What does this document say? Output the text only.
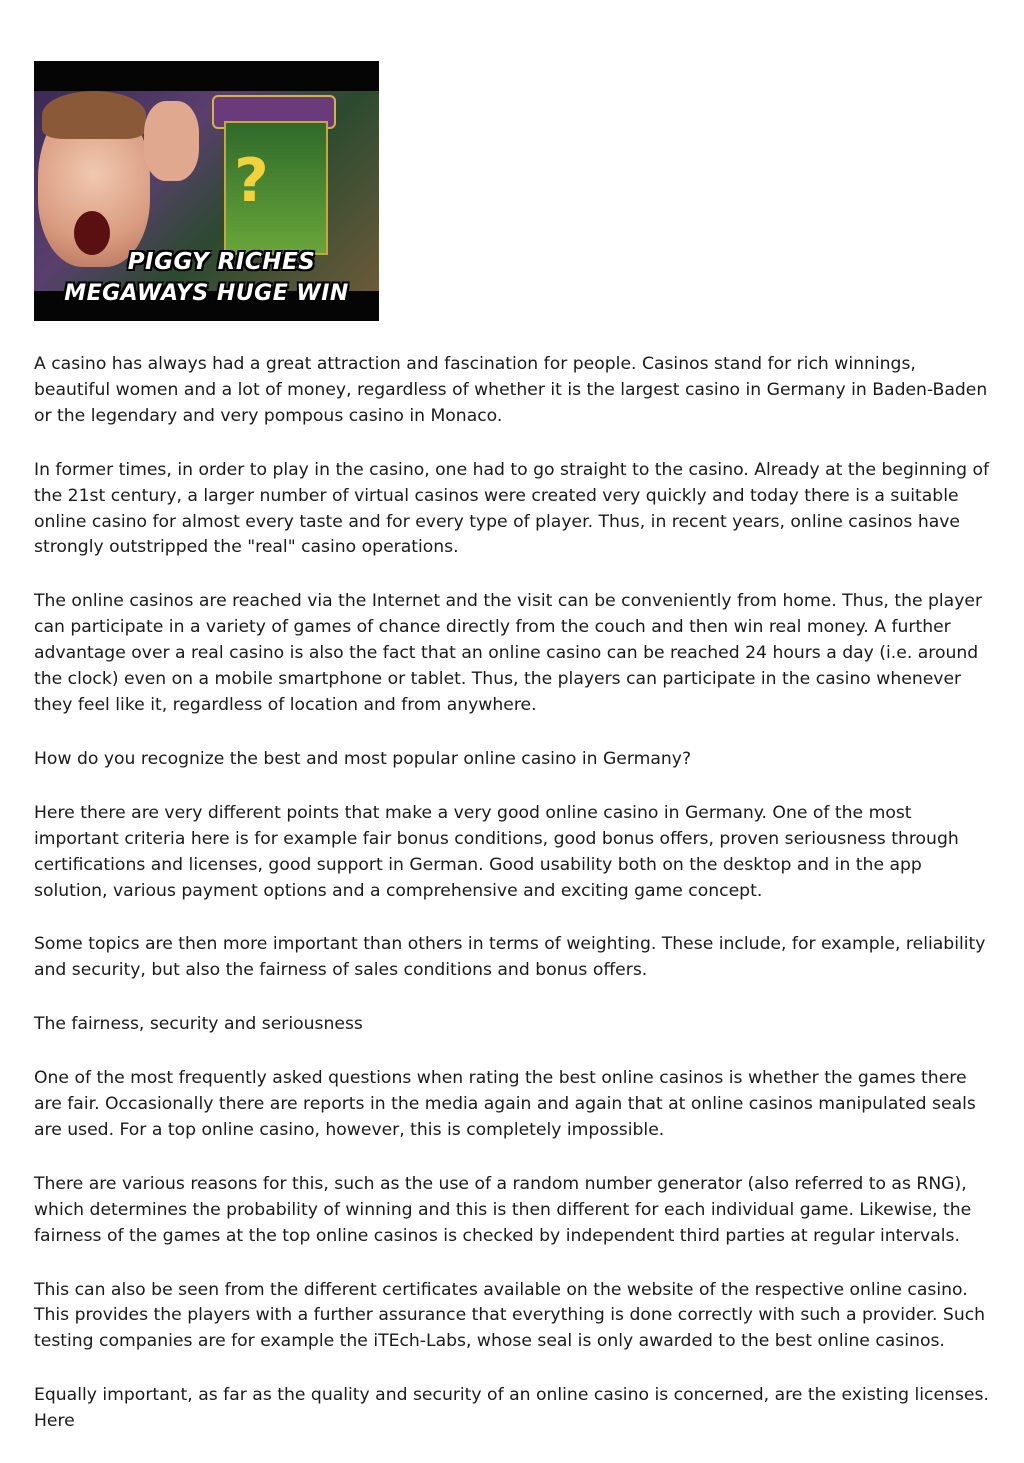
?
PIGGY RICHES
MEGAWAYS HUGE WIN

A casino has always had a great attraction and fascination for people. Casinos stand for rich winnings, beautiful women and a lot of money, regardless of whether it is the largest casino in Germany in Baden-Baden or the legendary and very pompous casino in Monaco.

In former times, in order to play in the casino, one had to go straight to the casino. Already at the beginning of the 21st century, a larger number of virtual casinos were created very quickly and today there is a suitable online casino for almost every taste and for every type of player. Thus, in recent years, online casinos have strongly outstripped the "real" casino operations.

The online casinos are reached via the Internet and the visit can be conveniently from home. Thus, the player can participate in a variety of games of chance directly from the couch and then win real money. A further advantage over a real casino is also the fact that an online casino can be reached 24 hours a day (i.e. around the clock) even on a mobile smartphone or tablet. Thus, the players can participate in the casino whenever they feel like it, regardless of location and from anywhere.

How do you recognize the best and most popular online casino in Germany?

Here there are very different points that make a very good online casino in Germany. One of the most important criteria here is for example fair bonus conditions, good bonus offers, proven seriousness through certifications and licenses, good support in German. Good usability both on the desktop and in the app solution, various payment options and a comprehensive and exciting game concept.

Some topics are then more important than others in terms of weighting. These include, for example, reliability and security, but also the fairness of sales conditions and bonus offers.

The fairness, security and seriousness

One of the most frequently asked questions when rating the best online casinos is whether the games there are fair. Occasionally there are reports in the media again and again that at online casinos manipulated seals are used. For a top online casino, however, this is completely impossible.

There are various reasons for this, such as the use of a random number generator (also referred to as RNG), which determines the probability of winning and this is then different for each individual game. Likewise, the fairness of the games at the top online casinos is checked by independent third parties at regular intervals.

This can also be seen from the different certificates available on the website of the respective online casino. This provides the players with a further assurance that everything is done correctly with such a provider. Such testing companies are for example the iTEch-Labs, whose seal is only awarded to the best online casinos.

Equally important, as far as the quality and security of an online casino is concerned, are the existing licenses. Here
